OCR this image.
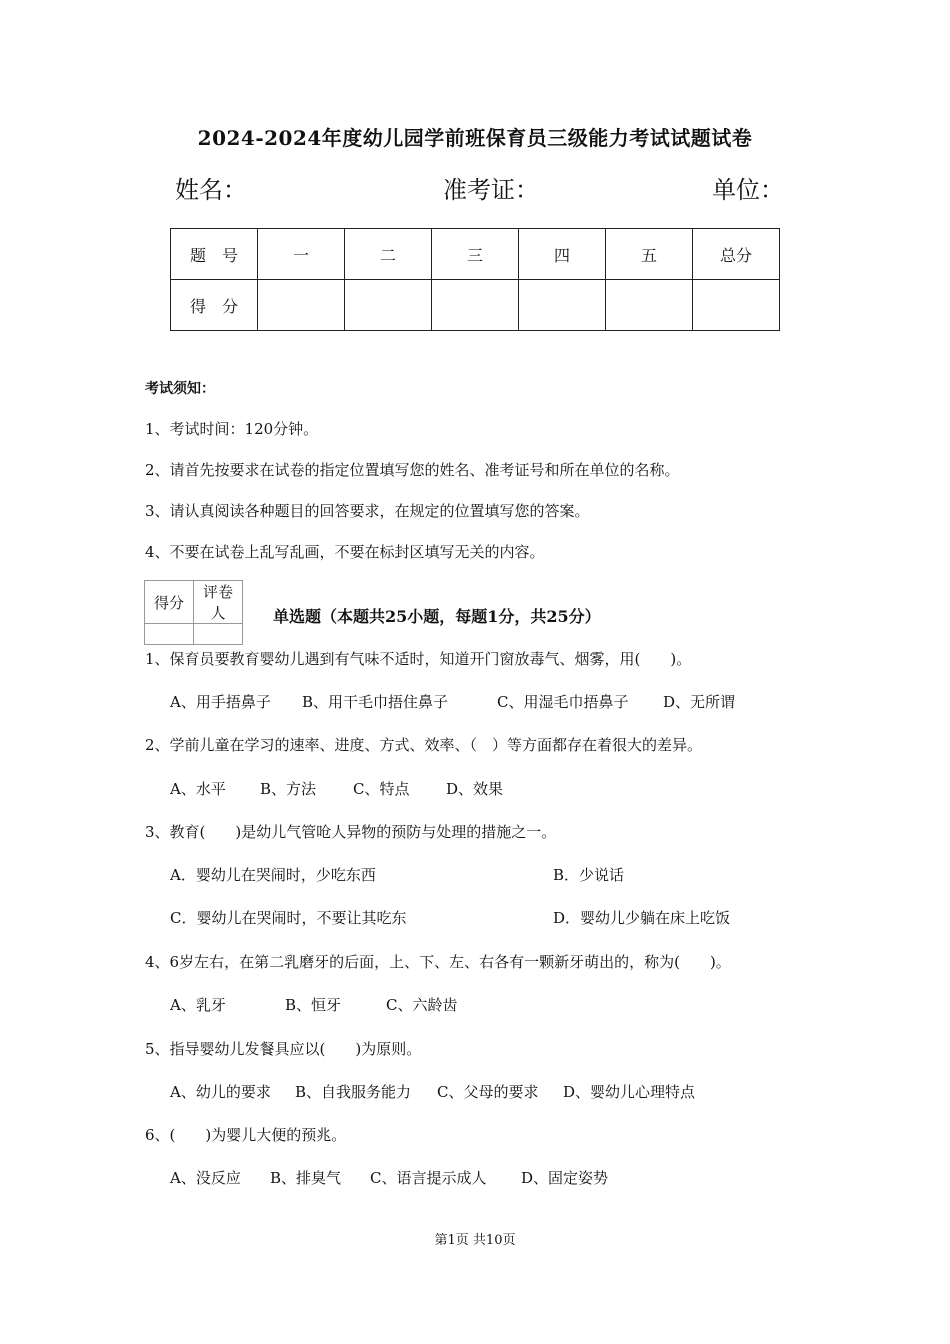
2024-2024年度幼儿园学前班保育员三级能力考试试题试卷
姓名：	准考证：	单位：
题　号	一	二	三	四	五	总分
得　分						
考试须知：
1、考试时间：120分钟。
2、请首先按要求在试卷的指定位置填写您的姓名、准考证号和所在单位的名称。
3、请认真阅读各种题目的回答要求，在规定的位置填写您的答案。
4、不要在试卷上乱写乱画，不要在标封区填写无关的内容。
得分	评卷人
		单选题（本题共25小题，每题1分，共25分）
1、保育员要教育婴幼儿遇到有气味不适时，知道开门窗放毒气、烟雾，用(　　)。
A、用手捂鼻子 B、用干毛巾捂住鼻子	C、用湿毛巾捂鼻子 D、无所谓
2、学前儿童在学习的速率、进度、方式、效率、（　）等方面都存在着很大的差异。
A、水平 B、方法 C、特点 D、效果
3、教育(　　)是幼儿气管呛人异物的预防与处理的措施之一。
A．婴幼儿在哭闹时，少吃东西	B．少说话
C．婴幼儿在哭闹时，不要让其吃东	D．婴幼儿少躺在床上吃饭
4、6岁左右，在第二乳磨牙的后面，上、下、左、右各有一颗新牙萌出的，称为(　　)。
A、乳牙	B、恒牙	C、六龄齿
5、指导婴幼儿发餐具应以(　　)为原则。
A、幼儿的要求 B、自我服务能力 C、父母的要求 D、婴幼儿心理特点
6、(　　)为婴儿大便的预兆。
A、没反应 B、排臭气 C、语言提示成人 D、固定姿势
第1页 共10页
